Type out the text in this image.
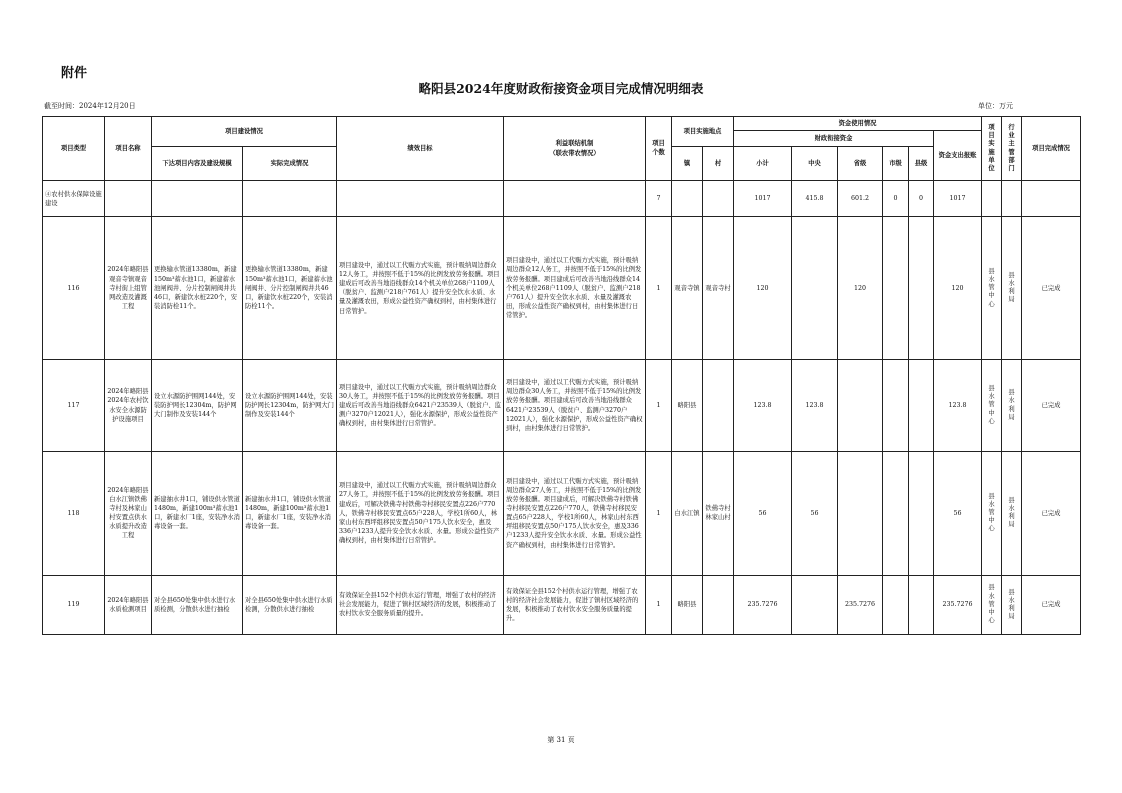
附件
略阳县2024年度财政衔接资金项目完成情况明细表
截至时间：2024年12月20日	单位：万元
项目类型	项目名称	项目建设情况		绩效目标	利益联结机制
（联农带农情况）	项目个数	项目实施地点		资金使用情况						项目实施单位	行业主管部门	项目完成情况
									财政衔接资金					资金支出报账			
		下达项目内容及建设规模	实际完成情况				镇	村	小计	中央	省级	市级	县级				
④农村供水保障设施建设						7			1017	415.8	601.2	0	0	1017			
116	2024年略阳县观音寺镇观音寺村街上组管网改造及灌溉工程	更换输水管道13380m，新建150m³蓄水池1口，新建蓄水池闸阀井、分片控制闸阀井共46口，新建饮水桩220个，安装消防栓11个。	更换输水管道13380m，新建150m³蓄水池1口，新建蓄水池闸阀井、分片控制闸阀井共46口，新建饮水桩220个，安装消防栓11个。	项目建设中，通过以工代赈方式实施，预计吸纳周边群众12人务工，并按照不低于15%的比例发放劳务报酬。项目建成后可改善当地沿线群众14个机关单位268户1109人（脱贫户、监测户218户761人）提升安全饮水水质、水量及灌溉农田，形成公益性资产确权到村，由村集体进行日常管护。	项目建设中，通过以工代赈方式实施，预计吸纳周边群众12人务工，并按照不低于15%的比例发放劳务报酬。项目建成后可改善当地沿线群众14个机关单位268户1109人（脱贫户、监测户218户761人）提升安全饮水水质、水量及灌溉农田，形成公益性资产确权到村，由村集体进行日常管护。	1	观音寺镇	观音寺村	120		120			120	县水管中心	县水利局	已完成
117	2024年略阳县2024年农村饮水安全水源防护设施项目	设立水源防护围网144处，安装防护网长12304m，防护网大门制作及安装144个	设立水源防护围网144处，安装防护网长12304m，防护网大门制作及安装144个	项目建设中，通过以工代赈方式实施，预计吸纳周边群众30人务工，并按照不低于15%的比例发放劳务报酬。项目建成后可改善当地沿线群众6421户23539人（脱贫户、监测户3270户12021人），强化水源保护，形成公益性资产确权到村，由村集体进行日常管护。	项目建设中，通过以工代赈方式实施，预计吸纳周边群众30人务工，并按照不低于15%的比例发放劳务报酬。项目建成后可改善当地沿线群众6421户23539人（脱贫户、监测户3270户12021人），强化水源保护，形成公益性资产确权到村，由村集体进行日常管护。	1	略阳县		123.8	123.8				123.8	县水管中心	县水利局	已完成
118	2024年略阳县白水江镇铁佛寺村及林家山村安置点供水水质提升改造工程	新建抽水井1口，铺设供水管道1480m，新建100m³蓄水池1口，新建水厂1座，安装净水消毒设备一套。	新建抽水井1口，铺设供水管道1480m，新建100m³蓄水池1口，新建水厂1座，安装净水消毒设备一套。	项目建设中，通过以工代赈方式实施，预计吸纳周边群众27人务工，并按照不低于15%的比例发放劳务报酬。项目建成后，可解决铁佛寺村铁佛寺村移民安置点226户770人，铁佛寺村移民安置点65户228人，学校1所60人，林家山村东西坪组移民安置点50户175人饮水安全，惠及336户1233人提升安全饮水水质、水量。形成公益性资产确权到村，由村集体进行日常管护。	项目建设中，通过以工代赈方式实施，预计吸纳周边群众27人务工，并按照不低于15%的比例发放劳务报酬。项目建成后，可解决铁佛寺村铁佛寺村移民安置点226户770人，铁佛寺村移民安置点65户228人，学校1所60人，林家山村东西坪组移民安置点50户175人饮水安全，惠及336户1233人提升安全饮水水质、水量。形成公益性资产确权到村，由村集体进行日常管护。	1	白水江镇	铁佛寺村林家山村	56	56				56	县水管中心	县水利局	已完成
119	2024年略阳县水质检测项目	对全县650处集中供水进行水质检测，分散供水进行抽检	对全县650处集中供水进行水质检测，分散供水进行抽检	有效保证全县152个村供水运行管理，增强了农村的经济社会发展能力，促进了镇村区域经济的发展，积极推动了农村饮水安全服务质量的提升。	有效保证全县152个村供水运行管理，增强了农村的经济社会发展能力，促进了镇村区域经济的发展，积极推动了农村饮水安全服务质量的提升。	1	略阳县		235.7276		235.7276			235.7276	县水管中心	县水利局	已完成
第 31 页
